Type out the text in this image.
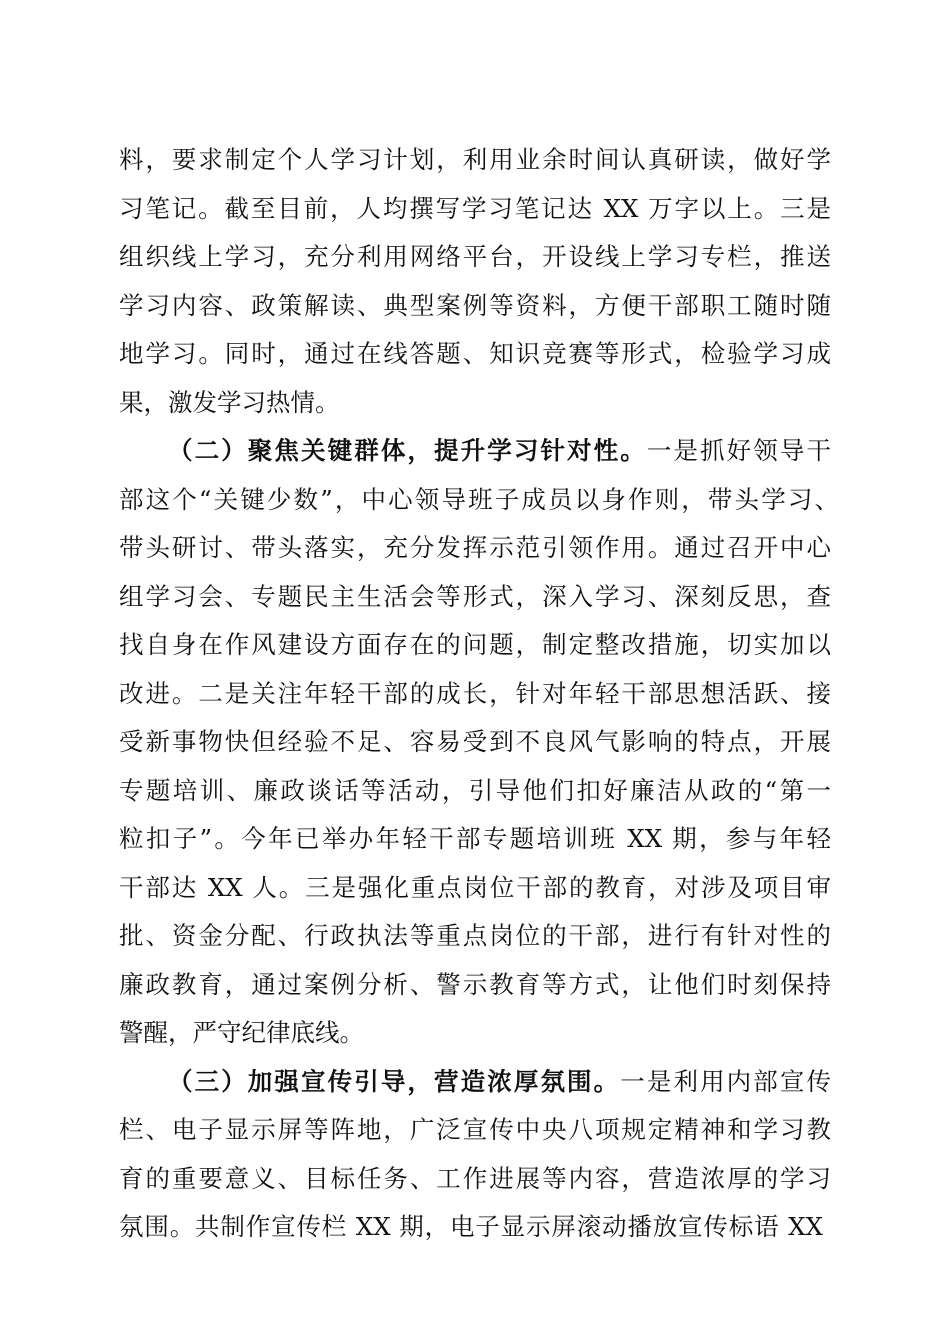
料，要求制定个人学习计划，利用业余时间认真研读，做好学
习笔记。截至目前，人均撰写学习笔记达 XX 万字以上。三是
组织线上学习，充分利用网络平台，开设线上学习专栏，推送
学习内容、政策解读、典型案例等资料，方便干部职工随时随
地学习。同时，通过在线答题、知识竞赛等形式，检验学习成
果，激发学习热情。
（二）聚焦关键群体，提升学习针对性。一是抓好领导干
部这个“关键少数”，中心领导班子成员以身作则，带头学习、
带头研讨、带头落实，充分发挥示范引领作用。通过召开中心
组学习会、专题民主生活会等形式，深入学习、深刻反思，查
找自身在作风建设方面存在的问题，制定整改措施，切实加以
改进。二是关注年轻干部的成长，针对年轻干部思想活跃、接
受新事物快但经验不足、容易受到不良风气影响的特点，开展
专题培训、廉政谈话等活动，引导他们扣好廉洁从政的“第一
粒扣子”。今年已举办年轻干部专题培训班 XX 期，参与年轻
干部达 XX 人。三是强化重点岗位干部的教育，对涉及项目审
批、资金分配、行政执法等重点岗位的干部，进行有针对性的
廉政教育，通过案例分析、警示教育等方式，让他们时刻保持
警醒，严守纪律底线。
（三）加强宣传引导，营造浓厚氛围。一是利用内部宣传
栏、电子显示屏等阵地，广泛宣传中央八项规定精神和学习教
育的重要意义、目标任务、工作进展等内容，营造浓厚的学习
氛围。共制作宣传栏 XX 期，电子显示屏滚动播放宣传标语 XX
